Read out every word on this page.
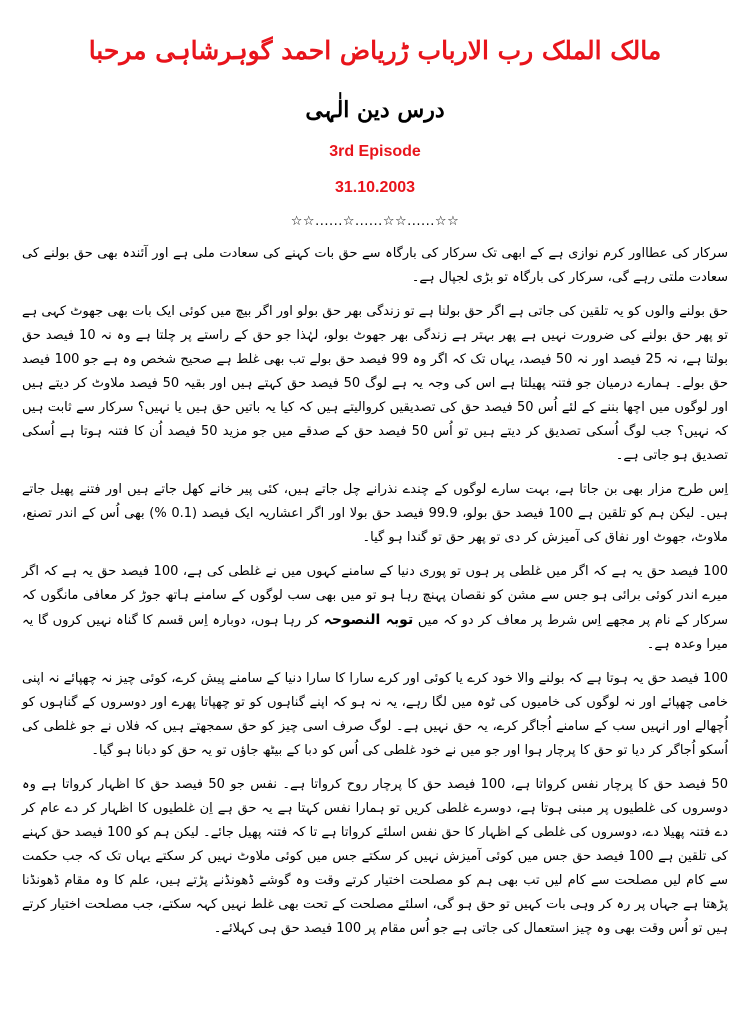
مالک الملک رب الارباب ڑریاض احمد گوہرشاہی مرحبا
درس دین الٰہی
3rd Episode
31.10.2003
☆☆......☆......☆☆......☆☆

سرکار کی عطااور کرم نوازی ہے کے ابھی تک سرکار کی بارگاہ سے حق بات کہنے کی سعادت ملی ہے اور آئندہ بھی حق بولنے کی سعادت ملتی رہے گی، سرکار کی بارگاہ تو بڑی لجپال ہے۔

حق بولنے والوں کو یہ تلقین کی جاتی ہے اگر حق بولنا ہے تو زندگی بھر حق بولو اور اگر بیچ میں کوئی ایک بات بھی جھوٹ کہی ہے تو پھر حق بولنے کی ضرورت نہیں ہے پھر بہتر ہے زندگی بھر جھوٹ بولو، لہٰذا جو حق کے راستے پر چلتا ہے وہ نہ 10 فیصد حق بولتا ہے، نہ 25 فیصد اور نہ 50 فیصد، یہاں تک کہ اگر وہ 99 فیصد حق بولے تب بھی غلط ہے صحیح شخص وہ ہے جو 100 فیصد حق بولے۔ ہمارے درمیان جو فتنہ پھیلتا ہے اس کی وجہ یہ ہے لوگ 50 فیصد حق کہتے ہیں اور بقیہ 50 فیصد ملاوٹ کر دیتے ہیں اور لوگوں میں اچھا بننے کے لئے اُس 50 فیصد حق کی تصدیقیں کروالیتے ہیں کہ کیا یہ باتیں حق ہیں یا نہیں؟ سرکار سے ثابت ہیں کہ نہیں؟ جب لوگ اُسکی تصدیق کر دیتے ہیں تو اُس 50 فیصد حق کے صدقے میں جو مزید 50 فیصد اُن کا فتنہ ہوتا ہے اُسکی تصدیق ہو جاتی ہے۔

اِس طرح مزار بھی بن جاتا ہے، بہت سارے لوگوں کے چندے نذرانے چل جاتے ہیں، کئی پیر خانے کھل جاتے ہیں اور فتنے پھیل جاتے ہیں۔ لیکن ہم کو تلقین ہے 100 فیصد حق بولو، 99.9 فیصد حق بولا اور اگر اعشاریہ ایک فیصد (0.1 %) بھی اُس کے اندر تصنع، ملاوٹ، جھوٹ اور نفاق کی آمیزش کر دی تو پھر حق تو گندا ہو گیا۔

100 فیصد حق یہ ہے کہ اگر میں غلطی پر ہوں تو پوری دنیا کے سامنے کہوں میں نے غلطی کی ہے، 100 فیصد حق یہ ہے کہ اگر میرے اندر کوئی برائی ہو جس سے مشن کو نقصان پہنچ رہا ہو تو میں بھی سب لوگوں کے سامنے ہاتھ جوڑ کر معافی مانگوں کہ سرکار کے نام پر مجھے اِس شرط پر معاف کر دو کہ میں توبہ النصوحہ کر رہا ہوں، دوبارہ اِس قسم کا گناہ نہیں کروں گا یہ میرا وعدہ ہے۔

100 فیصد حق یہ ہوتا ہے کہ بولنے والا خود کرے یا کوئی اور کرے سارا کا سارا دنیا کے سامنے پیش کرے، کوئی چیز نہ چھپائے نہ اپنی خامی چھپائے اور نہ لوگوں کی خامیوں کی ٹوہ میں لگا رہے، یہ نہ ہو کہ اپنے گناہوں کو تو چھپاتا پھرے اور دوسروں کے گناہوں کو اُچھالے اور انہیں سب کے سامنے اُجاگر کرے، یہ حق نہیں ہے۔ لوگ صرف اسی چیز کو حق سمجھتے ہیں کہ فلاں نے جو غلطی کی اُسکو اُجاگر کر دیا تو حق کا پرچار ہوا اور جو میں نے خود غلطی کی اُس کو دبا کے بیٹھ جاؤں تو یہ حق کو دبانا ہو گیا۔

50 فیصد حق کا پرچار نفس کرواتا ہے، 100 فیصد حق کا پرچار روح کرواتا ہے۔ نفس جو 50 فیصد حق کا اظہار کرواتا ہے وہ دوسروں کی غلطیوں پر مبنی ہوتا ہے، دوسرے غلطی کریں تو ہمارا نفس کہتا ہے یہ حق ہے اِن غلطیوں کا اظہار کر دے عام کر دے فتنہ پھیلا دے، دوسروں کی غلطی کے اظہار کا حق نفس اسلئے کرواتا ہے تا کہ فتنہ پھیل جائے۔ لیکن ہم کو 100 فیصد حق کہنے کی تلقین ہے 100 فیصد حق جس میں کوئی آمیزش نہیں کر سکتے جس میں کوئی ملاوٹ نہیں کر سکتے یہاں تک کہ جب حکمت سے کام لیں مصلحت سے کام لیں تب بھی ہم کو مصلحت اختیار کرتے وقت وہ گوشے ڈھونڈنے پڑتے ہیں، علم کا وہ مقام ڈھونڈنا پڑھتا ہے جہاں پر رہ کر وہی بات کہیں تو حق ہو گی، اسلئے مصلحت کے تحت بھی غلط نہیں کہہ سکتے، جب مصلحت اختیار کرتے ہیں تو اُس وقت بھی وہ چیز استعمال کی جاتی ہے جو اُس مقام پر 100 فیصد حق ہی کہلائے۔
